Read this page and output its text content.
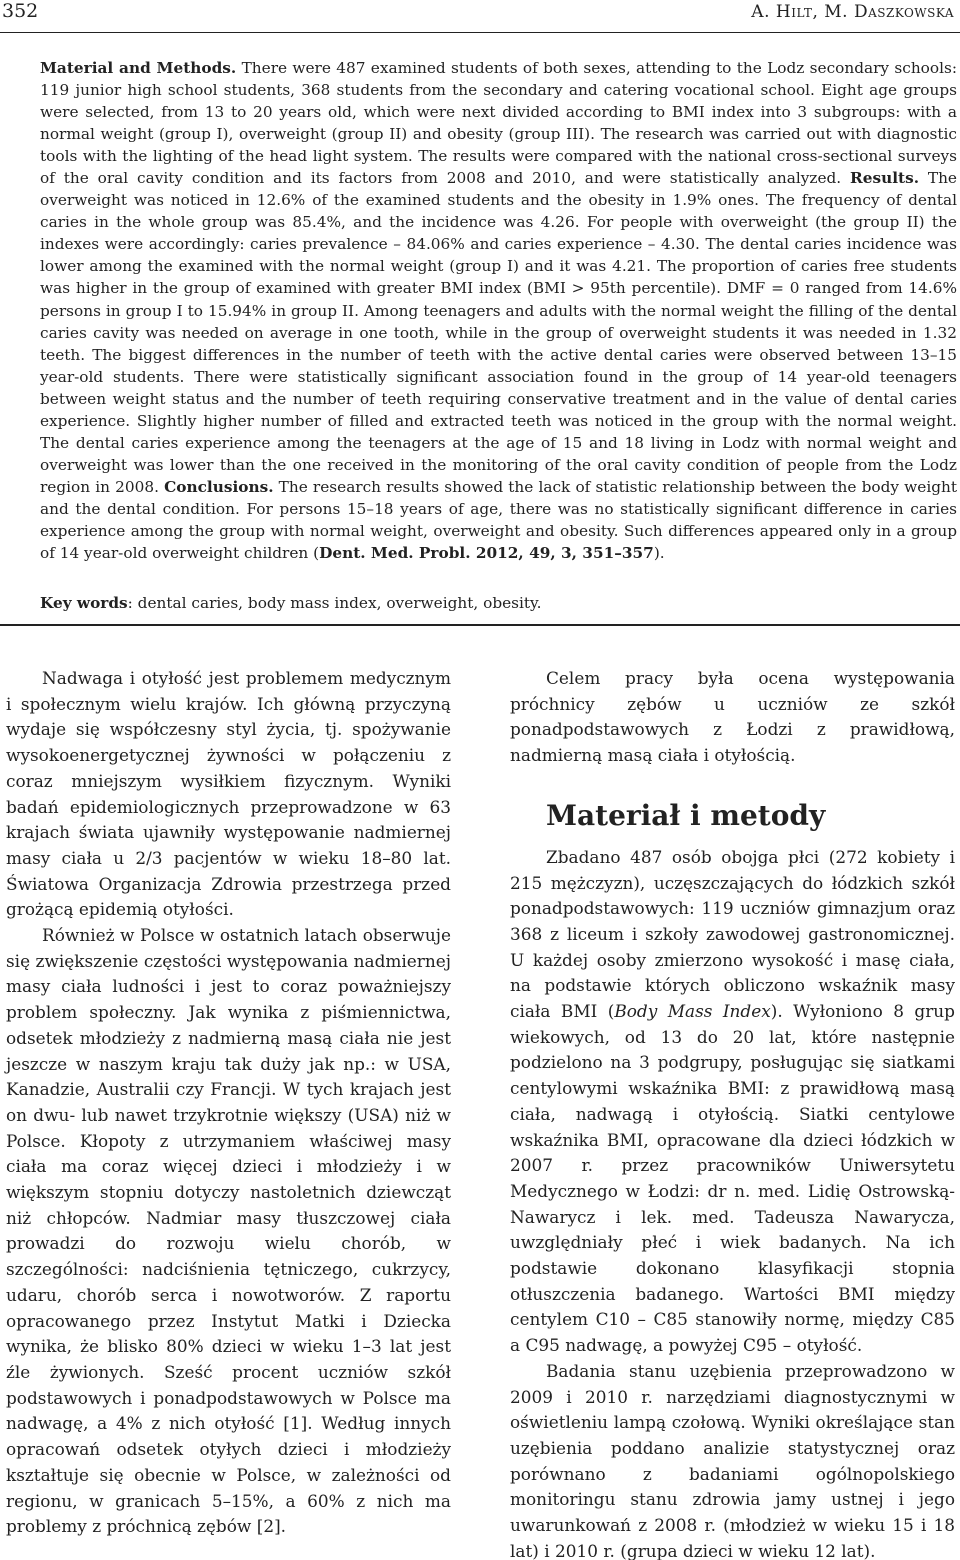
352	A. Hilt, M. Daszkowska

Material and Methods. There were 487 examined students of both sexes, attending to the Lodz secondary schools: 119 junior high school students, 368 students from the secondary and catering vocational school. Eight age groups were selected, from 13 to 20 years old, which were next divided according to BMI index into 3 subgroups: with a normal weight (group I), overweight (group II) and obesity (group III). The research was carried out with diagnostic tools with the lighting of the head light system. The results were compared with the national cross-sectional surveys of the oral cavity condition and its factors from 2008 and 2010, and were statistically analyzed. Results. The overweight was noticed in 12.6% of the examined students and the obesity in 1.9% ones. The frequency of dental caries in the whole group was 85.4%, and the incidence was 4.26. For people with overweight (the group II) the indexes were accordingly: caries prevalence – 84.06% and caries experience – 4.30. The dental caries incidence was lower among the examined with the normal weight (group I) and it was 4.21. The proportion of caries free students was higher in the group of examined with greater BMI index (BMI > 95th percentile). DMF = 0 ranged from 14.6% persons in group I to 15.94% in group II. Among teenagers and adults with the normal weight the filling of the dental caries cavity was needed on average in one tooth, while in the group of overweight students it was needed in 1.32 teeth. The biggest differences in the number of teeth with the active dental caries were observed between 13–15 year-old students. There were statistically significant association found in the group of 14 year-old teenagers between weight status and the number of teeth requiring conservative treatment and in the value of dental caries experience. Slightly higher number of filled and extracted teeth was noticed in the group with the normal weight. The dental caries experience among the teenagers at the age of 15 and 18 living in Lodz with normal weight and overweight was lower than the one received in the monitoring of the oral cavity condition of people from the Lodz region in 2008. Conclusions. The research results showed the lack of statistic relationship between the body weight and the dental condition. For persons 15–18 years of age, there was no statistically significant difference in caries experience among the group with normal weight, overweight and obesity. Such differences appeared only in a group of 14 year-old overweight children (Dent. Med. Probl. 2012, 49, 3, 351–357).

Key words: dental caries, body mass index, overweight, obesity.

Nadwaga i otyłość jest problemem medycznym i społecznym wielu krajów. Ich główną przyczyną wydaje się współczesny styl życia, tj. spożywanie wysokoenergetycznej żywności w połączeniu z coraz mniejszym wysiłkiem fizycznym. Wyniki badań epidemiologicznych przeprowadzone w 63 krajach świata ujawniły występowanie nadmiernej masy ciała u 2/3 pacjentów w wieku 18–80 lat. Światowa Organizacja Zdrowia przestrzega przed grożącą epidemią otyłości.

Również w Polsce w ostatnich latach obserwuje się zwiększenie częstości występowania nadmiernej masy ciała ludności i jest to coraz poważniejszy problem społeczny. Jak wynika z piśmiennictwa, odsetek młodzieży z nadmierną masą ciała nie jest jeszcze w naszym kraju tak duży jak np.: w USA, Kanadzie, Australii czy Francji. W tych krajach jest on dwu- lub nawet trzykrotnie większy (USA) niż w Polsce. Kłopoty z utrzymaniem właściwej masy ciała ma coraz więcej dzieci i młodzieży i w większym stopniu dotyczy nastoletnich dziewcząt niż chłopców. Nadmiar masy tłuszczowej ciała prowadzi do rozwoju wielu chorób, w szczególności: nadciśnienia tętniczego, cukrzycy, udaru, chorób serca i nowotworów. Z raportu opracowanego przez Instytut Matki i Dziecka wynika, że blisko 80% dzieci w wieku 1–3 lat jest źle żywionych. Sześć procent uczniów szkół podstawowych i ponadpodstawowych w Polsce ma nadwagę, a 4% z nich otyłość [1]. Według innych opracowań odsetek otyłych dzieci i młodzieży kształtuje się obecnie w Polsce, w zależności od regionu, w granicach 5–15%, a 60% z nich ma problemy z próchnicą zębów [2].

Celem pracy była ocena występowania próchnicy zębów u uczniów ze szkół ponadpodstawowych z Łodzi z prawidłową, nadmierną masą ciała i otyłością.

Materiał i metody

Zbadano 487 osób obojga płci (272 kobiety i 215 mężczyzn), uczęszczających do łódzkich szkół ponadpodstawowych: 119 uczniów gimnazjum oraz 368 z liceum i szkoły zawodowej gastronomicznej. U każdej osoby zmierzono wysokość i masę ciała, na podstawie których obliczono wskaźnik masy ciała BMI (Body Mass Index). Wyłoniono 8 grup wiekowych, od 13 do 20 lat, które następnie podzielono na 3 podgrupy, posługując się siatkami centylowymi wskaźnika BMI: z prawidłową masą ciała, nadwagą i otyłością. Siatki centylowe wskaźnika BMI, opracowane dla dzieci łódzkich w 2007 r. przez pracowników Uniwersytetu Medycznego w Łodzi: dr n. med. Lidię Ostrowską-Nawarycz i lek. med. Tadeusza Nawarycza, uwzględniały płeć i wiek badanych. Na ich podstawie dokonano klasyfikacji stopnia otłuszczenia badanego. Wartości BMI między centylem C10 – C85 stanowiły normę, między C85 a C95 nadwagę, a powyżej C95 – otyłość.

Badania stanu uzębienia przeprowadzono w 2009 i 2010 r. narzędziami diagnostycznymi w oświetleniu lampą czołową. Wyniki określające stan uzębienia poddano analizie statystycznej oraz porównano z badaniami ogólnopolskiego monitoringu stanu zdrowia jamy ustnej i jego uwarunkowań z 2008 r. (młodzież w wieku 15 i 18 lat) i 2010 r. (grupa dzieci w wieku 12 lat).
